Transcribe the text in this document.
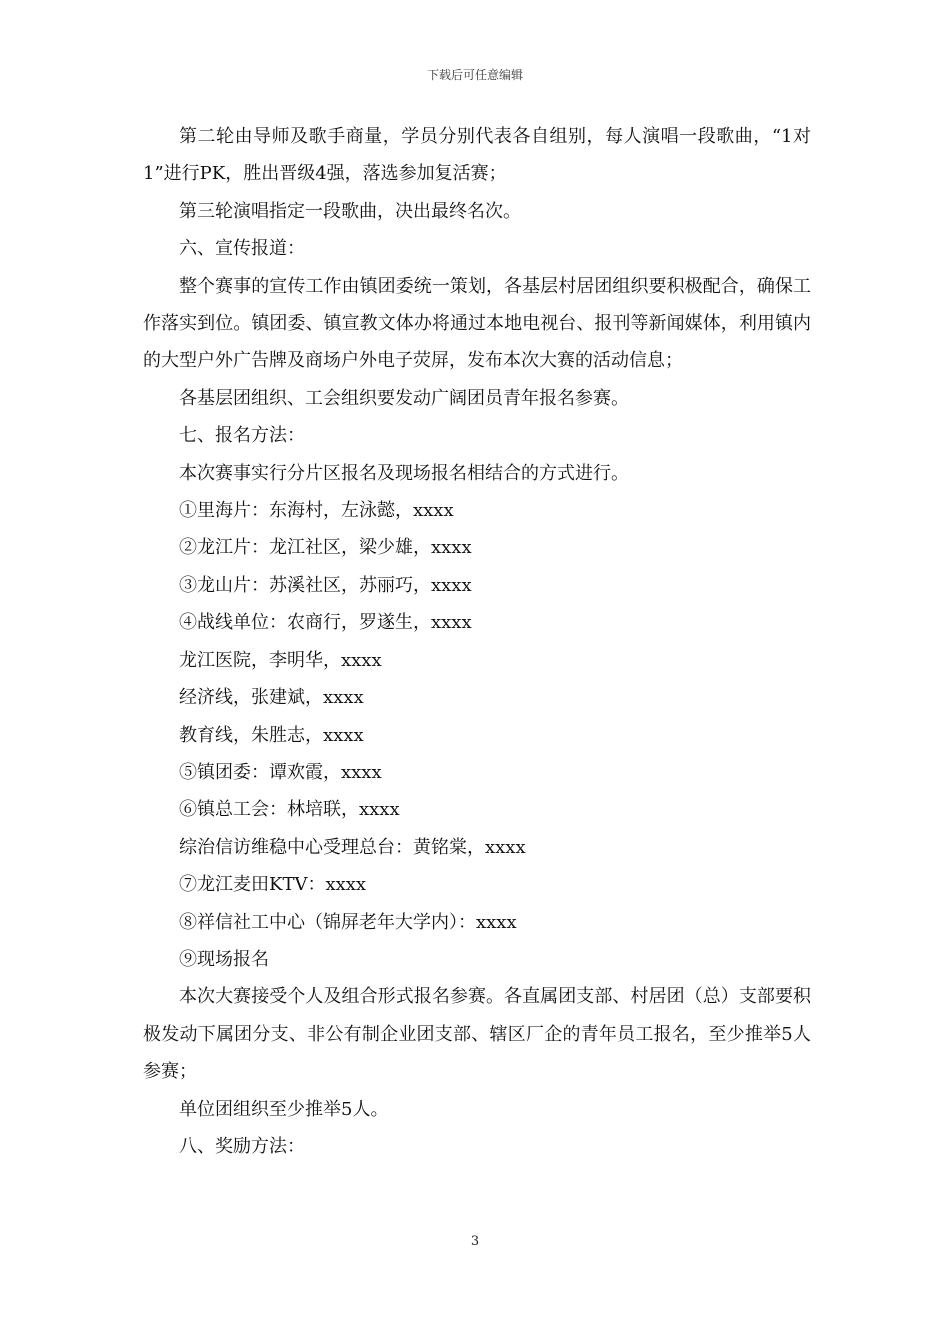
下载后可任意编辑

第二轮由导师及歌手商量，学员分别代表各自组别，每人演唱一段歌曲，“1对1”进行PK，胜出晋级4强，落选参加复活赛；

第三轮演唱指定一段歌曲，决出最终名次。

六、宣传报道：

整个赛事的宣传工作由镇团委统一策划，各基层村居团组织要积极配合，确保工作落实到位。镇团委、镇宣教文体办将通过本地电视台、报刊等新闻媒体，利用镇内的大型户外广告牌及商场户外电子荧屏，发布本次大赛的活动信息；

各基层团组织、工会组织要发动广阔团员青年报名参赛。

七、报名方法：

本次赛事实行分片区报名及现场报名相结合的方式进行。

①里海片：东海村，左泳懿，xxxx

②龙江片：龙江社区，梁少雄，xxxx

③龙山片：苏溪社区，苏丽巧，xxxx

④战线单位：农商行，罗遂生，xxxx

龙江医院，李明华，xxxx

经济线，张建斌，xxxx

教育线，朱胜志，xxxx

⑤镇团委：谭欢霞，xxxx

⑥镇总工会：林培联，xxxx

综治信访维稳中心受理总台：黄铭棠，xxxx

⑦龙江麦田KTV：xxxx

⑧祥信社工中心（锦屏老年大学内）：xxxx

⑨现场报名

本次大赛接受个人及组合形式报名参赛。各直属团支部、村居团（总）支部要积极发动下属团分支、非公有制企业团支部、辖区厂企的青年员工报名，至少推举5人参赛；

单位团组织至少推举5人。

八、奖励方法：

3
